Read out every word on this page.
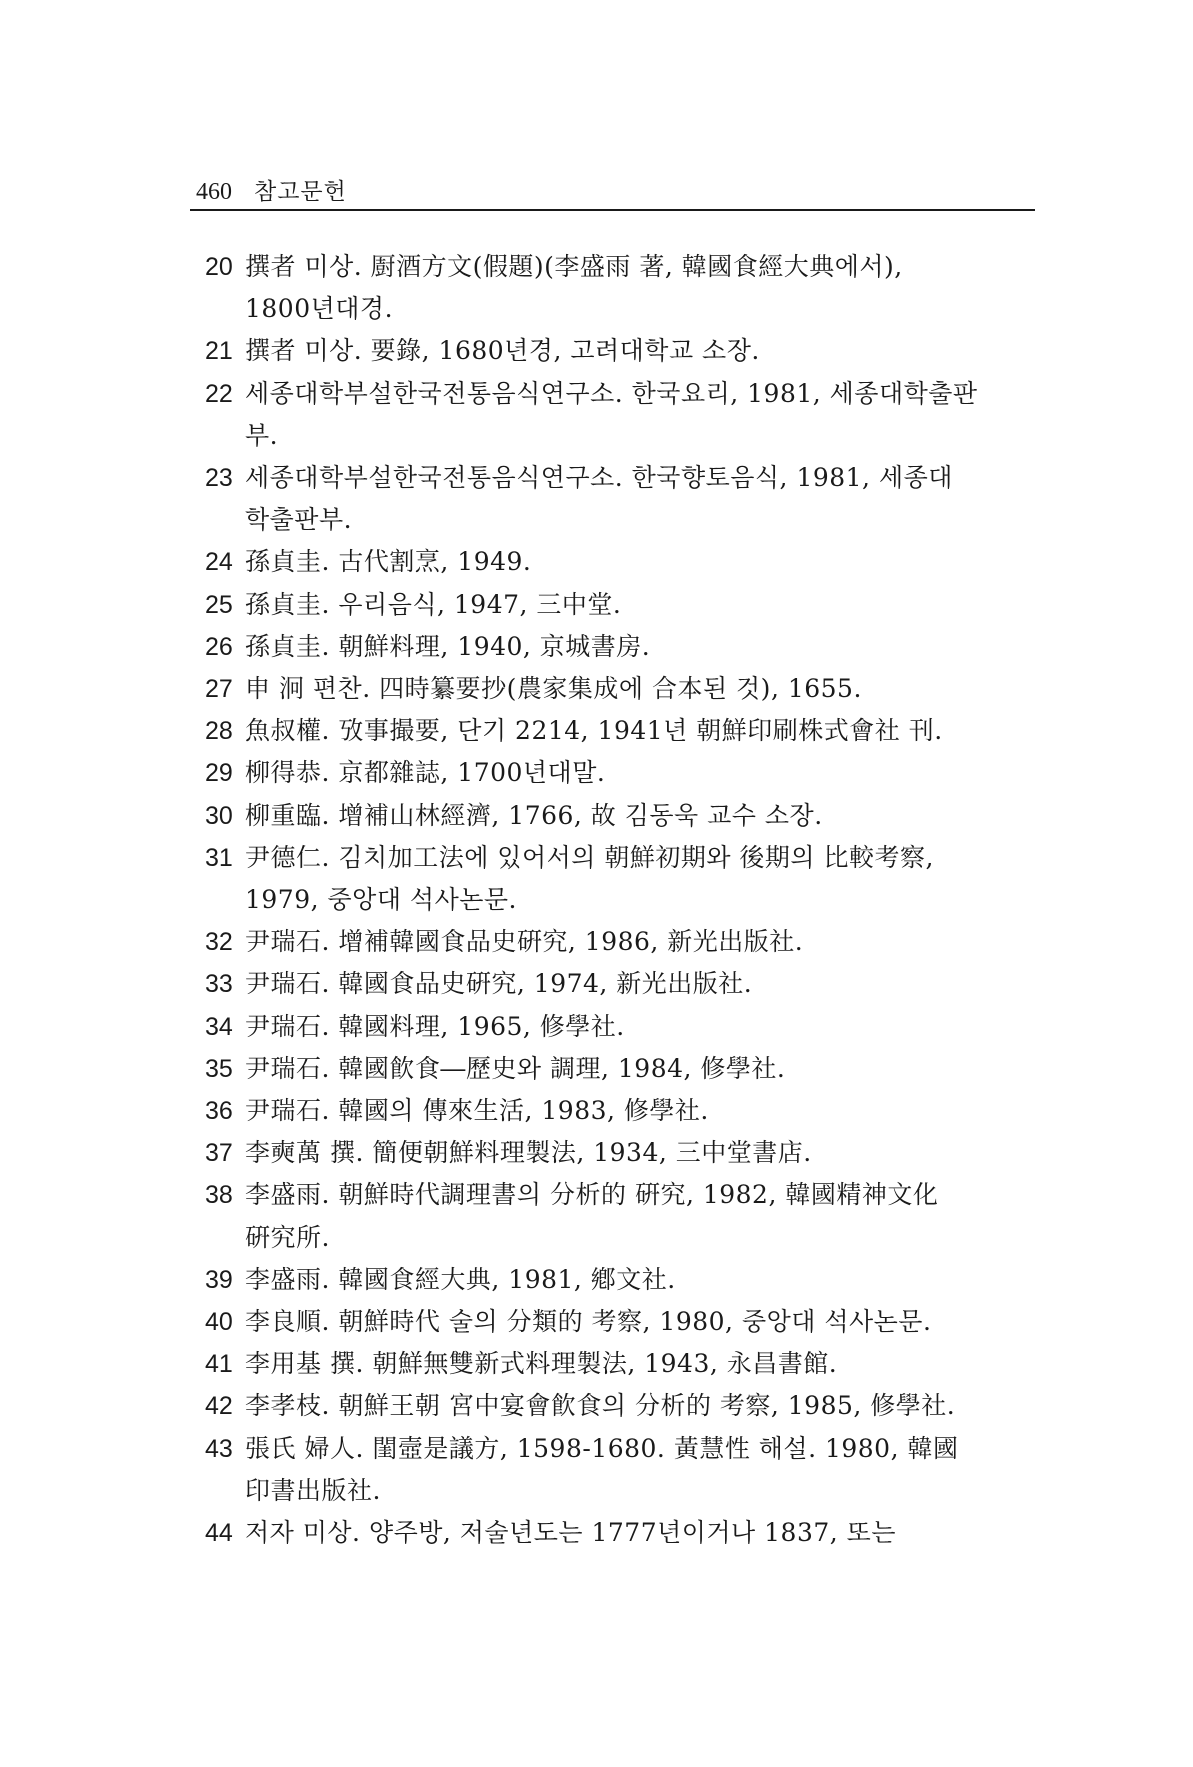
460 참고문헌
20 撰者 미상. 㕑酒方文(假題)(李盛雨 著, 韓國食經大典에서),
1800년대경.
21 撰者 미상. 要錄, 1680년경, 고려대학교 소장.
22 세종대학부설한국전통음식연구소. 한국요리, 1981, 세종대학출판부.
23 세종대학부설한국전통음식연구소. 한국향토음식, 1981, 세종대
학출판부.
24 孫貞圭. 古代割烹, 1949.
25 孫貞圭. 우리음식, 1947, 三中堂.
26 孫貞圭. 朝鮮料理, 1940, 京城書房.
27 申 泂 편찬. 四時纂要抄(農家集成에 合本된 것), 1655.
28 魚叔權. 攷事撮要, 단기 2214, 1941년 朝鮮印刷株式會社 刊.
29 柳得恭. 京都雜誌, 1700년대말.
30 柳重臨. 增補山林經濟, 1766, 故 김동욱 교수 소장.
31 尹德仁. 김치加工法에 있어서의 朝鮮初期와 後期의 比較考察,
1979, 중앙대 석사논문.
32 尹瑞石. 增補韓國食品史硏究, 1986, 新光出版社.
33 尹瑞石. 韓國食品史硏究, 1974, 新光出版社.
34 尹瑞石. 韓國料理, 1965, 修學社.
35 尹瑞石. 韓國飮食―歷史와 調理, 1984, 修學社.
36 尹瑞石. 韓國의 傳來生活, 1983, 修學社.
37 李奭萬 撰. 簡便朝鮮料理製法, 1934, 三中堂書店.
38 李盛雨. 朝鮮時代調理書의 分析的 硏究, 1982, 韓國精神文化
硏究所.
39 李盛雨. 韓國食經大典, 1981, 鄕文社.
40 李良順. 朝鮮時代 술의 分類的 考察, 1980, 중앙대 석사논문.
41 李用基 撰. 朝鮮無雙新式料理製法, 1943, 永昌書館.
42 李孝枝. 朝鮮王朝 宮中宴會飮食의 分析的 考察, 1985, 修學社.
43 張氏 婦人. 閨壼是議方, 1598-1680. 黃慧性 해설. 1980, 韓國
印書出版社.
44 저자 미상. 양주방, 저술년도는 1777년이거나 1837, 또는
